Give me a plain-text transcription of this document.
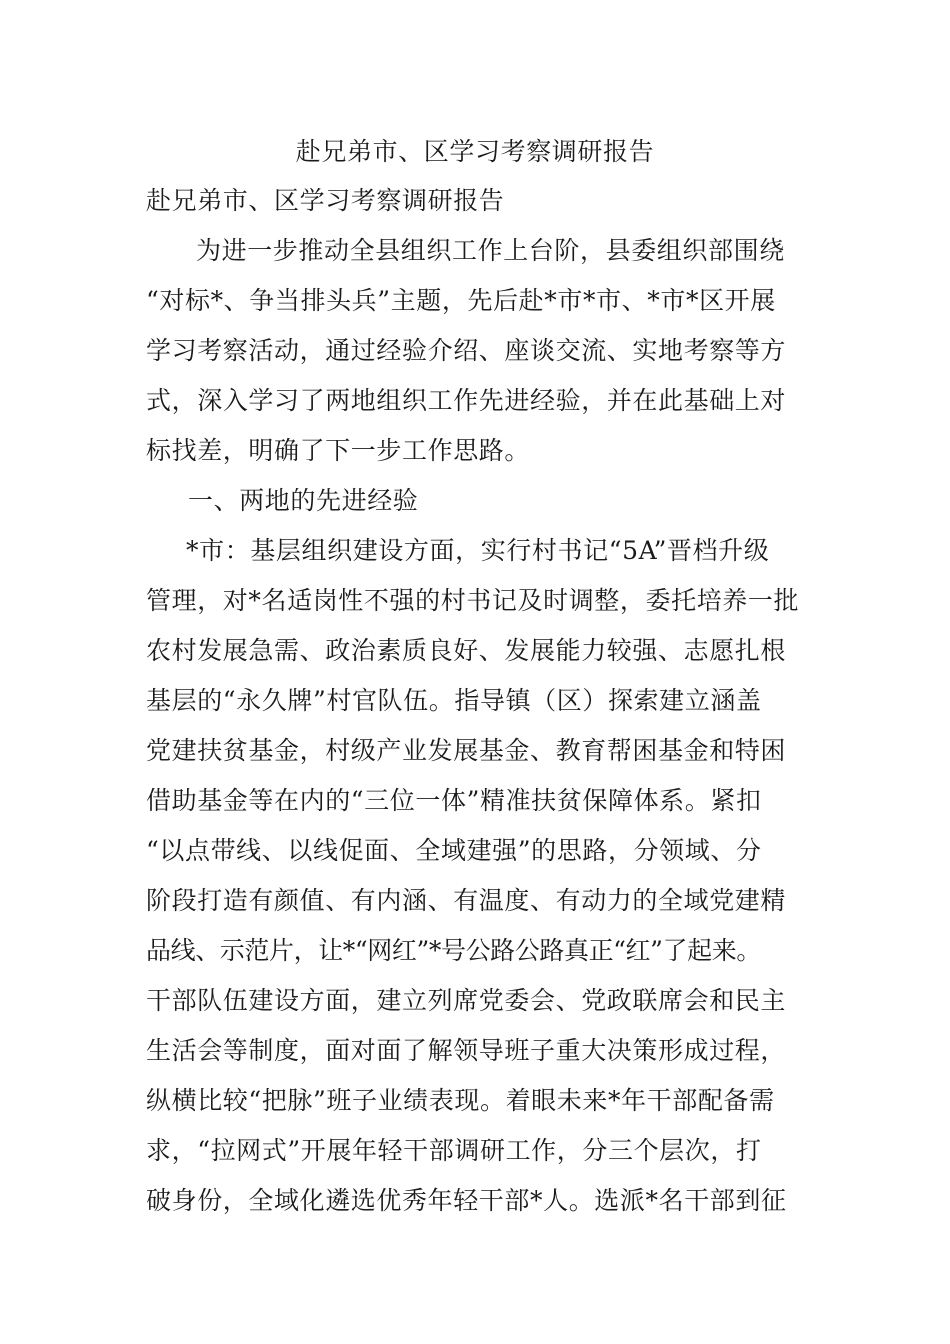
赴兄弟市、区学习考察调研报告
赴兄弟市、区学习考察调研报告
为进一步推动全县组织工作上台阶，县委组织部围绕
“对标*、争当排头兵”主题，先后赴*市*市、*市*区开展
学习考察活动，通过经验介绍、座谈交流、实地考察等方
式，深入学习了两地组织工作先进经验，并在此基础上对
标找差，明确了下一步工作思路。
一、两地的先进经验
*市：基层组织建设方面，实行村书记“5A”晋档升级
管理，对*名适岗性不强的村书记及时调整，委托培养一批
农村发展急需、政治素质良好、发展能力较强、志愿扎根
基层的“永久牌”村官队伍。指导镇（区）探索建立涵盖
党建扶贫基金，村级产业发展基金、教育帮困基金和特困
借助基金等在内的“三位一体”精准扶贫保障体系。紧扣
“以点带线、以线促面、全域建强”的思路，分领域、分
阶段打造有颜值、有内涵、有温度、有动力的全域党建精
品线、示范片，让*“网红”*号公路公路真正“红”了起来。
干部队伍建设方面，建立列席党委会、党政联席会和民主
生活会等制度，面对面了解领导班子重大决策形成过程，
纵横比较“把脉”班子业绩表现。着眼未来*年干部配备需
求，“拉网式”开展年轻干部调研工作，分三个层次，打
破身份，全域化遴选优秀年轻干部*人。选派*名干部到征
